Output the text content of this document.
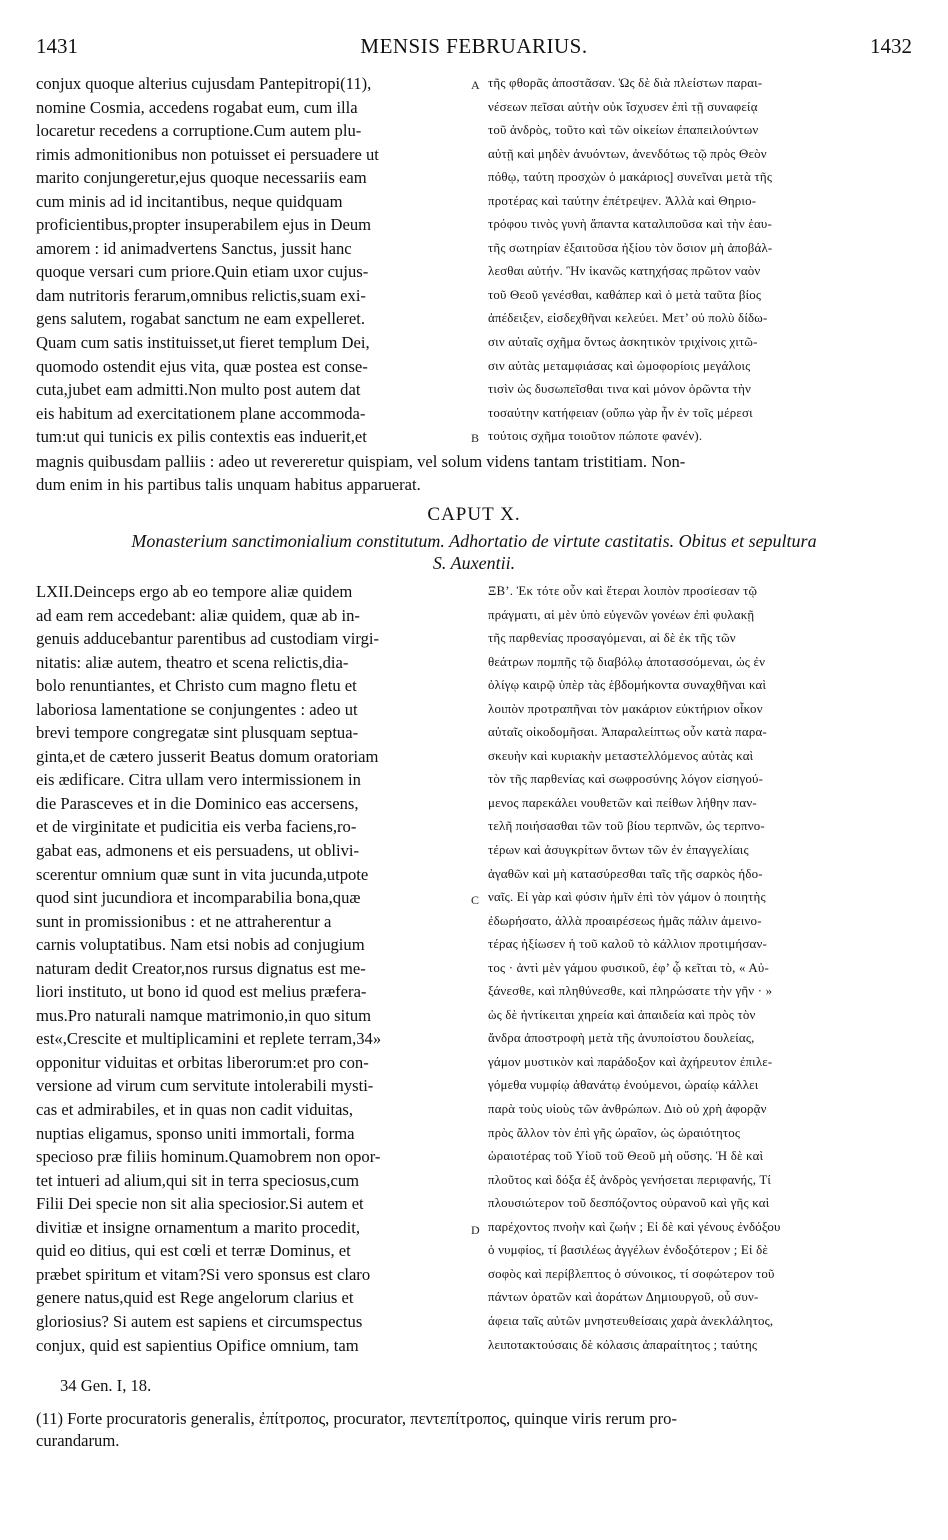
1431	MENSIS FEBRUARIUS.	1432
conjux quoque alterius cujusdam Pantepitropi(11),
nomine Cosmia, accedens rogabat eum, cum illa
locaretur recedens a corruptione.Cum autem plu-
rimis admonitionibus non potuisset ei persuadere ut
marito conjungeretur,ejus quoque necessariis eam
cum minis ad id incitantibus, neque quidquam
proficientibus,propter insuperabilem ejus in Deum
amorem : id animadvertens Sanctus, jussit hanc
quoque versari cum priore.Quin etiam uxor cujus-
dam nutritoris ferarum,omnibus relictis,suam exi-
gens salutem, rogabat sanctum ne eam expelleret.
Quam cum satis instituisset,ut fieret templum Dei,
quomodo ostendit ejus vita, quæ postea est conse-
cuta,jubet eam admitti.Non multo post autem dat
eis habitum ad exercitationem plane accommoda-
tum:ut qui tunicis ex pilis contextis eas induerit,et
τῆς φθορᾶς ἀποστᾶσαν. Ὡς δὲ διὰ πλείστων παραι-
νέσεων πεῖσαι αὐτὴν οὐκ ἴσχυσεν ἐπὶ τῇ συναφείᾳ
τοῦ ἀνδρὸς, τοῦτο καὶ τῶν οἰκείων ἐπαπειλούντων
αὐτῇ καὶ μηδὲν ἀνυόντων, ἀνενδότως τῷ πρὸς Θεὸν
πόθῳ, ταύτη προσχὼν ὁ μακάριος] συνεῖναι μετὰ τῆς
προτέρας καὶ ταύτην ἐπέτρεψεν. Ἀλλὰ καὶ Θηριο-
τρόφου τινὸς γυνὴ ἅπαντα καταλιποῦσα καὶ τὴν ἑαυ-
τῆς σωτηρίαν ἐξαιτοῦσα ἠξίου τὸν ὅσιον μὴ ἀποβάλ-
λεσθαι αὐτήν. Ἣν ἱκανῶς κατηχήσας πρῶτον ναὸν
τοῦ Θεοῦ γενέσθαι, καθάπερ καὶ ὁ μετὰ ταῦτα βίος
ἀπέδειξεν, εἰσδεχθῆναι κελεύει. Μετ’ οὐ πολὺ δίδω-
σιν αὐταῖς σχῆμα ὄντως ἀσκητικὸν τριχίνοις χιτῶ-
σιν αὐτὰς μεταμφιάσας καὶ ὠμοφορίοις μεγάλοις
τισὶν ὡς δυσωπεῖσθαι τινα καὶ μόνον ὁρῶντα τὴν
τοσαύτην κατήφειαν (οὔπω γὰρ ἦν ἐν τοῖς μέρεσι
τούτοις σχῆμα τοιοῦτον πώποτε φανέν).
A
B
magnis quibusdam palliis : adeo ut revereretur quispiam, vel solum videns tantam tristitiam. Non-
dum enim in his partibus talis unquam habitus apparuerat.
CAPUT X.
Monasterium sanctimonialium constitutum. Adhortatio de virtute castitatis. Obitus et sepultura
S. Auxentii.
LXII.Deinceps ergo ab eo tempore aliæ quidem
ad eam rem accedebant: aliæ quidem, quæ ab in-
genuis adducebantur parentibus ad custodiam virgi-
nitatis: aliæ autem, theatro et scena relictis,dia-
bolo renuntiantes, et Christo cum magno fletu et
laboriosa lamentatione se conjungentes : adeo ut
brevi tempore congregatæ sint plusquam septua-
ginta,et de cætero jusserit Beatus domum oratoriam
eis ædificare. Citra ullam vero intermissionem in
die Parasceves et in die Dominico eas accersens,
et de virginitate et pudicitia eis verba faciens,ro-
gabat eas, admonens et eis persuadens, ut oblivi-
scerentur omnium quæ sunt in vita jucunda,utpote
quod sint jucundiora et incomparabilia bona,quæ
sunt in promissionibus : et ne attraherentur a
carnis voluptatibus. Nam etsi nobis ad conjugium
naturam dedit Creator,nos rursus dignatus est me-
liori instituto, ut bono id quod est melius præfera-
mus.Pro naturali namque matrimonio,in quo situm
est«,Crescite et multiplicamini et replete terram,34»
opponitur viduitas et orbitas liberorum:et pro con-
versione ad virum cum servitute intolerabili mysti-
cas et admirabiles, et in quas non cadit viduitas,
nuptias eligamus, sponso uniti immortali, forma
specioso præ filiis hominum.Quamobrem non opor-
tet intueri ad alium,qui sit in terra speciosus,cum
Filii Dei specie non sit alia speciosior.Si autem et
divitiæ et insigne ornamentum a marito procedit,
quid eo ditius, qui est cœli et terræ Dominus, et
præbet spiritum et vitam?Si vero sponsus est claro
genere natus,quid est Rege angelorum clarius et
gloriosius? Si autem est sapiens et circumspectus
conjux, quid est sapientius Opifice omnium, tam
ΞΒ’. Ἐκ τότε οὖν καὶ ἕτεραι λοιπὸν προσίεσαν τῷ
πράγματι, αἱ μὲν ὑπὸ εὐγενῶν γονέων ἐπὶ φυλακῇ
τῆς παρθενίας προσαγόμεναι, αἱ δὲ ἐκ τῆς τῶν
θεάτρων πομπῆς τῷ διαβόλῳ ἀποτασσόμεναι, ὡς ἐν
ὀλίγῳ καιρῷ ὑπὲρ τὰς ἑβδομήκοντα συναχθῆναι καὶ
λοιπὸν προτραπῆναι τὸν μακάριον εὐκτήριον οἶκον
αὐταῖς οἰκοδομῆσαι. Ἀπαραλείπτως οὖν κατὰ παρα-
σκευὴν καὶ κυριακὴν μεταστελλόμενος αὐτὰς καὶ
τὸν τῆς παρθενίας καὶ σωφροσύνης λόγον εἰσηγού-
μενος παρεκάλει νουθετῶν καὶ πείθων λήθην παν-
τελῆ ποιήσασθαι τῶν τοῦ βίου τερπνῶν, ὡς τερπνο-
τέρων καὶ ἀσυγκρίτων ὄντων τῶν ἐν ἐπαγγελίαις
ἀγαθῶν καὶ μὴ κατασύρεσθαι ταῖς τῆς σαρκὸς ἡδο-
ναῖς. Εἰ γὰρ καὶ φύσιν ἡμῖν ἐπὶ τὸν γάμον ὁ ποιητὴς
ἐδωρήσατο, ἀλλὰ προαιρέσεως ἡμᾶς πάλιν ἀμεινο-
τέρας ἠξίωσεν ἡ τοῦ καλοῦ τὸ κάλλιον προτιμήσαν-
τος · ἀντὶ μὲν γάμου φυσικοῦ, ἐφ’ ᾧ κεῖται τὸ, « Αὐ-
ξάνεσθε, καὶ πληθύνεσθε, καὶ πληρώσατε τὴν γῆν · »
ὡς δὲ ἠντίκειται χηρεία καὶ ἀπαιδεία καὶ πρὸς τὸν
ἄνδρα ἀποστροφὴ μετὰ τῆς ἀνυποίστου δουλείας,
γάμον μυστικὸν καὶ παράδοξον καὶ ἀχήρευτον ἐπιλε-
γόμεθα νυμφίῳ ἀθανάτῳ ἑνούμενοι, ὡραίῳ κάλλει
παρὰ τοὺς υἱοὺς τῶν ἀνθρώπων. Διὸ οὐ χρὴ ἀφορᾷν
πρὸς ἄλλον τὸν ἐπὶ γῆς ὡραῖον, ὡς ὡραιότητος
ὡραιοτέρας τοῦ Υἱοῦ τοῦ Θεοῦ μὴ οὔσης. Ἡ δὲ καὶ
πλοῦτος καὶ δόξα ἐξ ἀνδρὸς γενήσεται περιφανής, Τί
πλουσιώτερον τοῦ δεσπόζοντος οὐρανοῦ καὶ γῆς καὶ
παρέχοντος πνοὴν καὶ ζωήν ; Εἰ δὲ καὶ γένους ἐνδόξου
ὁ νυμφίος, τί βασιλέως ἀγγέλων ἐνδοξότερον ; Εἰ δὲ
σοφὸς καὶ περίβλεπτος ὁ σύνοικος, τί σοφώτερον τοῦ
πάντων ὁρατῶν καὶ ἀοράτων Δημιουργοῦ, οὗ συν-
άφεια ταῖς αὐτῶν μνηστευθείσαις χαρὰ ἀνεκλάλητος,
λειποτακτούσαις δὲ κόλασις ἀπαραίτητος ; ταύτης
C
D
34 Gen. I, 18.
(11) Forte procuratoris generalis, ἐπίτροπος, procurator, πεντεπίτροπος, quinque viris rerum pro-
curandarum.
